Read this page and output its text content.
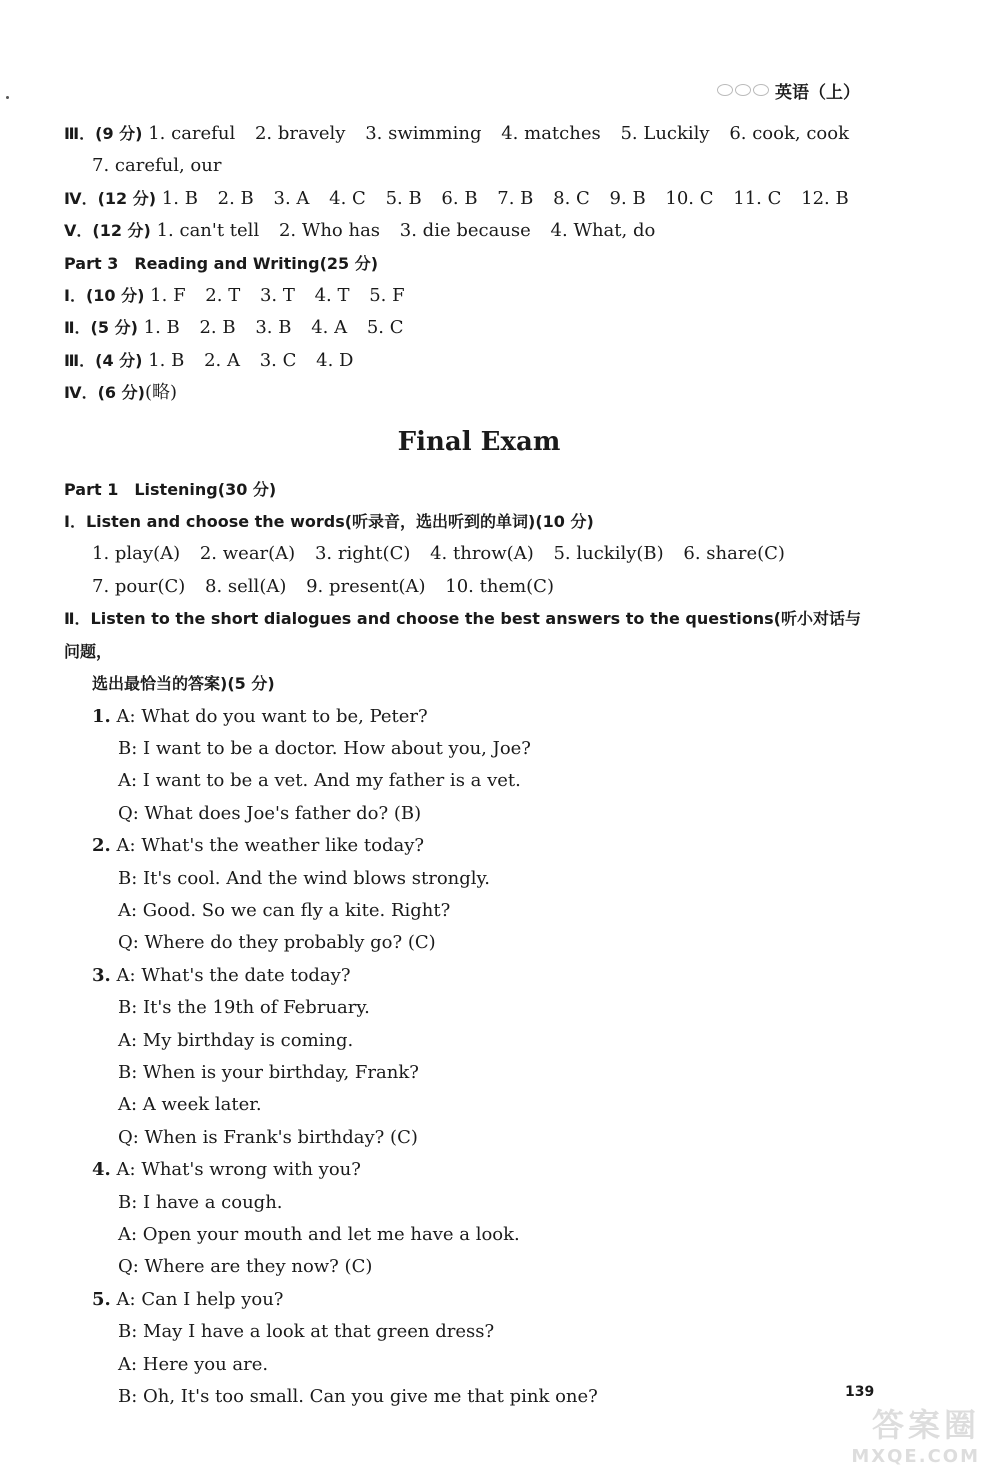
英语（上）
Ⅲ．(9 分) 1. careful 2. bravely 3. swimming 4. matches 5. Luckily 6. cook, cook
7. careful, our
Ⅳ．(12 分) 1. B 2. B 3. A 4. C 5. B 6. B 7. B 8. C 9. B 10. C 11. C 12. B
Ⅴ．(12 分) 1. can't tell 2. Who has 3. die because 4. What, do
Part 3　Reading and Writing(25 分)
Ⅰ．(10 分) 1. F 2. T 3. T 4. T 5. F
Ⅱ．(5 分) 1. B 2. B 3. B 4. A 5. C
Ⅲ．(4 分) 1. B 2. A 3. C 4. D
Ⅳ．(6 分)(略)
Final Exam
Part 1　Listening(30 分)
Ⅰ．Listen and choose the words(听录音，选出听到的单词)(10 分)
1. play(A) 2. wear(A) 3. right(C) 4. throw(A) 5. luckily(B) 6. share(C)
7. pour(C) 8. sell(A) 9. present(A) 10. them(C)
Ⅱ．Listen to the short dialogues and choose the best answers to the questions(听小对话与问题，
选出最恰当的答案)(5 分)
1. A: What do you want to be, Peter?
B: I want to be a doctor. How about you, Joe?
A: I want to be a vet. And my father is a vet.
Q: What does Joe's father do? (B)
2. A: What's the weather like today?
B: It's cool. And the wind blows strongly.
A: Good. So we can fly a kite. Right?
Q: Where do they probably go? (C)
3. A: What's the date today?
B: It's the 19th of February.
A: My birthday is coming.
B: When is your birthday, Frank?
A: A week later.
Q: When is Frank's birthday? (C)
4. A: What's wrong with you?
B: I have a cough.
A: Open your mouth and let me have a look.
Q: Where are they now? (C)
5. A: Can I help you?
B: May I have a look at that green dress?
A: Here you are.
B: Oh, It's too small. Can you give me that pink one?	139
答案圈
MXQE.COM
